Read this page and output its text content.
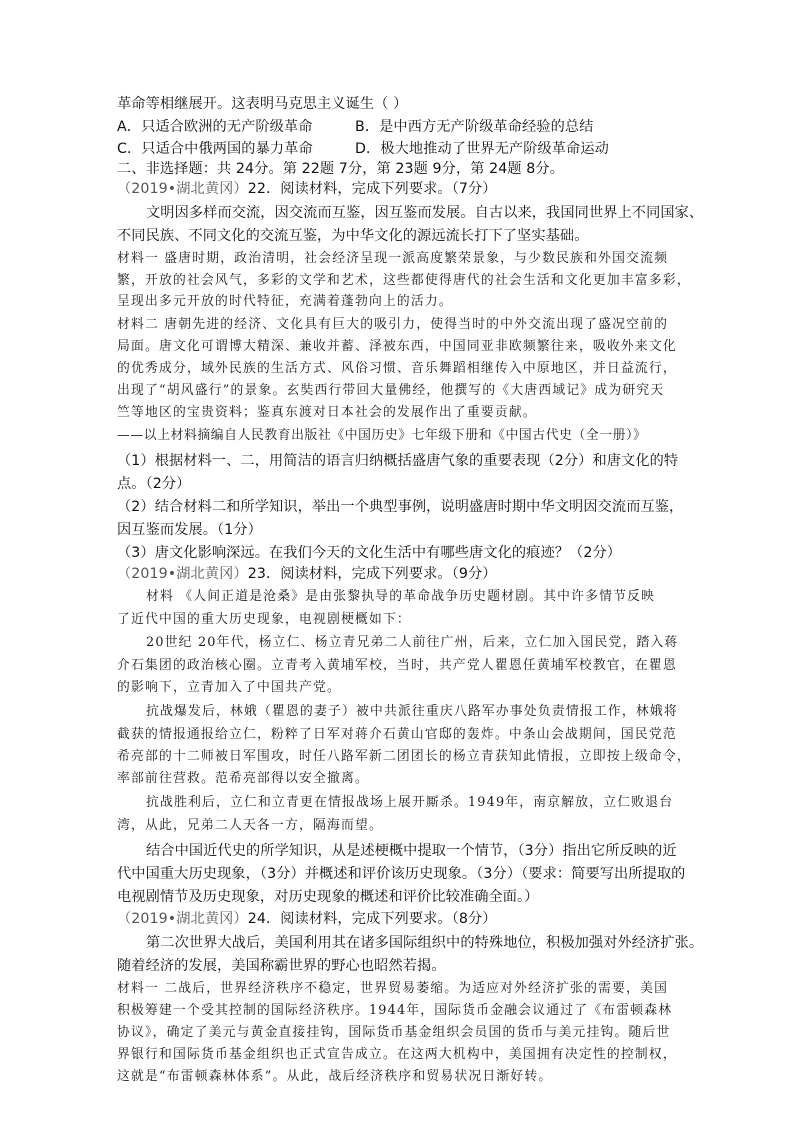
革命等相继展开。这表明马克思主义诞生（ ）
A．只适合欧洲的无产阶级革命	B．是中西方无产阶级革命经验的总结
C．只适合中俄两国的暴力革命	D．极大地推动了世界无产阶级革命运动
二、非选择题：共 24分。第 22题 7分，第 23题 9分，第 24题 8分。
（2019•湖北黄冈）22．阅读材料，完成下列要求。（7分）
文明因多样而交流，因交流而互鉴，因互鉴而发展。自古以来，我国同世界上不同国家、
不同民族、不同文化的交流互鉴，为中华文化的源远流长打下了坚实基础。
材料一 盛唐时期，政治清明，社会经济呈现一派高度繁荣景象，与少数民族和外国交流频
繁，开放的社会风气，多彩的文学和艺术，这些都使得唐代的社会生活和文化更加丰富多彩，
呈现出多元开放的时代特征，充满着蓬勃向上的活力。
材料二 唐朝先进的经济、文化具有巨大的吸引力，使得当时的中外交流出现了盛况空前的
局面。唐文化可谓博大精深、兼收并蓄、泽被东西，中国同亚非欧频繁往来，吸收外来文化
的优秀成分，域外民族的生活方式、风俗习惯、音乐舞蹈相继传入中原地区，并日益流行，
出现了“胡风盛行”的景象。玄奘西行带回大量佛经，他撰写的《大唐西域记》成为研究天
竺等地区的宝贵资料；鉴真东渡对日本社会的发展作出了重要贡献。
——以上材料摘编自人民教育出版社《中国历史》七年级下册和《中国古代史（全一册）》
（1）根据材料一、二，用简洁的语言归纳概括盛唐气象的重要表现（2分）和唐文化的特
点。（2分）
（2）结合材料二和所学知识，举出一个典型事例，说明盛唐时期中华文明因交流而互鉴，
因互鉴而发展。（1分）
（3）唐文化影响深远。在我们今天的文化生活中有哪些唐文化的痕迹？（2分）
（2019•湖北黄冈）23．阅读材料，完成下列要求。（9分）
材料 《人间正道是沧桑》是由张黎执导的革命战争历史题材剧。其中许多情节反映
了近代中国的重大历史现象，电视剧梗概如下：
20世纪 20年代，杨立仁、杨立青兄弟二人前往广州，后来，立仁加入国民党，踏入蒋
介石集团的政治核心圈。立青考入黄埔军校，当时，共产党人瞿恩任黄埔军校教官，在瞿恩
的影响下，立青加入了中国共产党。
抗战爆发后，林娥（瞿恩的妻子）被中共派往重庆八路军办事处负责情报工作，林娥将
截获的情报通报给立仁，粉粹了日军对蒋介石黄山官邸的轰炸。中条山会战期间，国民党范
希亮部的十二师被日军围攻，时任八路军新二团团长的杨立青获知此情报，立即按上级命令，
率部前往营救。范希亮部得以安全撤离。
抗战胜利后，立仁和立青更在情报战场上展开厮杀。1949年，南京解放，立仁败退台
湾，从此，兄弟二人天各一方，隔海而望。
结合中国近代史的所学知识，从是述梗概中提取一个情节，（3分）指出它所反映的近
代中国重大历史现象，（3分）并概述和评价该历史现象。（3分）（要求：简要写出所提取的
电视剧情节及历史现象，对历史现象的概述和评价比较准确全面。）
（2019•湖北黄冈）24．阅读材料，完成下列要求。（8分）
第二次世界大战后，美国利用其在诸多国际组织中的特殊地位，积极加强对外经济扩张。
随着经济的发展，美国称霸世界的野心也昭然若揭。
材料一 二战后，世界经济秩序不稳定，世界贸易萎缩。为适应对外经济扩张的需要，美国
积极筹建一个受其控制的国际经济秩序。1944年，国际货币金融会议通过了《布雷顿森林
协议》，确定了美元与黄金直接挂钩，国际货币基金组织会员国的货币与美元挂钩。随后世
界银行和国际货币基金组织也正式宣告成立。在这两大机构中，美国拥有决定性的控制权，
这就是“布雷顿森林体系”。从此，战后经济秩序和贸易状况日渐好转。
